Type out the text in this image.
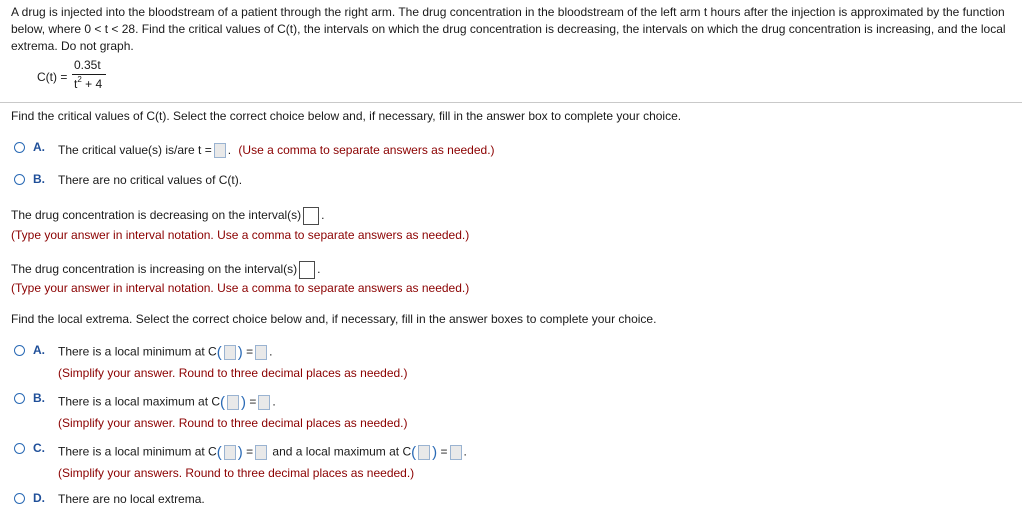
A drug is injected into the bloodstream of a patient through the right arm. The drug concentration in the bloodstream of the left arm t hours after the injection is approximated by the function below, where 0 < t < 28. Find the critical values of C(t), the intervals on which the drug concentration is decreasing, the intervals on which the drug concentration is increasing, and the local extrema. Do not graph.
C(t) =
0.35t
$t^2 + 4$
Find the critical values of C(t). Select the correct choice below and, if necessary, fill in the answer box to complete your choice.
A. The critical value(s) is/are t = . (Use a comma to separate answers as needed.)
B. There are no critical values of C(t).
The drug concentration is decreasing on the interval(s) .
(Type your answer in interval notation. Use a comma to separate answers as needed.)
The drug concentration is increasing on the interval(s) .
(Type your answer in interval notation. Use a comma to separate answers as needed.)
Find the local extrema. Select the correct choice below and, if necessary, fill in the answer boxes to complete your choice.
A. There is a local minimum at C( ) = .
(Simplify your answer. Round to three decimal places as needed.)
B. There is a local maximum at C( ) = .
(Simplify your answer. Round to three decimal places as needed.)
C. There is a local minimum at C( ) = and a local maximum at C( ) = .
(Simplify your answers. Round to three decimal places as needed.)
D. There are no local extrema.
